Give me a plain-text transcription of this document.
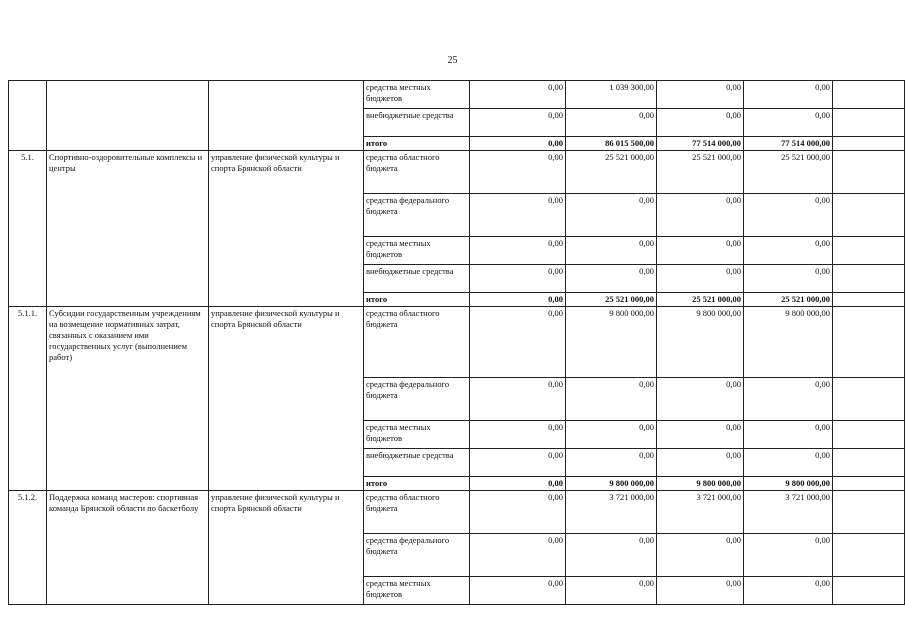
25
			средства местных бюджетов	0,00	1 039 300,00	0,00	0,00	
			внебюджетные средства	0,00	0,00	0,00	0,00	
			итого	0,00	86 015 500,00	77 514 000,00	77 514 000,00	
5.1.	Спортивно-оздоровительные комплексы и центры	управление физической культуры и спорта Брянской области	средства областного бюджета	0,00	25 521 000,00	25 521 000,00	25 521 000,00	
			средства федерального бюджета	0,00	0,00	0,00	0,00	
			средства местных бюджетов	0,00	0,00	0,00	0,00	
			внебюджетные средства	0,00	0,00	0,00	0,00	
			итого	0,00	25 521 000,00	25 521 000,00	25 521 000,00	
5.1.1.	Субсидии государственным учреждениям на возмещение нормативных затрат, связанных с оказанием ими государственных услуг (выполнением работ)	управление физической культуры и спорта Брянской области	средства областного бюджета	0,00	9 800 000,00	9 800 000,00	9 800 000,00	
			средства федерального бюджета	0,00	0,00	0,00	0,00	
			средства местных бюджетов	0,00	0,00	0,00	0,00	
			внебюджетные средства	0,00	0,00	0,00	0,00	
			итого	0,00	9 800 000,00	9 800 000,00	9 800 000,00	
5.1.2.	Поддержка команд мастеров: спортивная команда Брянской области по баскетболу	управление физической культуры и спорта Брянской области	средства областного бюджета	0,00	3 721 000,00	3 721 000,00	3 721 000,00	
			средства федерального бюджета	0,00	0,00	0,00	0,00	
			средства местных бюджетов	0,00	0,00	0,00	0,00	
